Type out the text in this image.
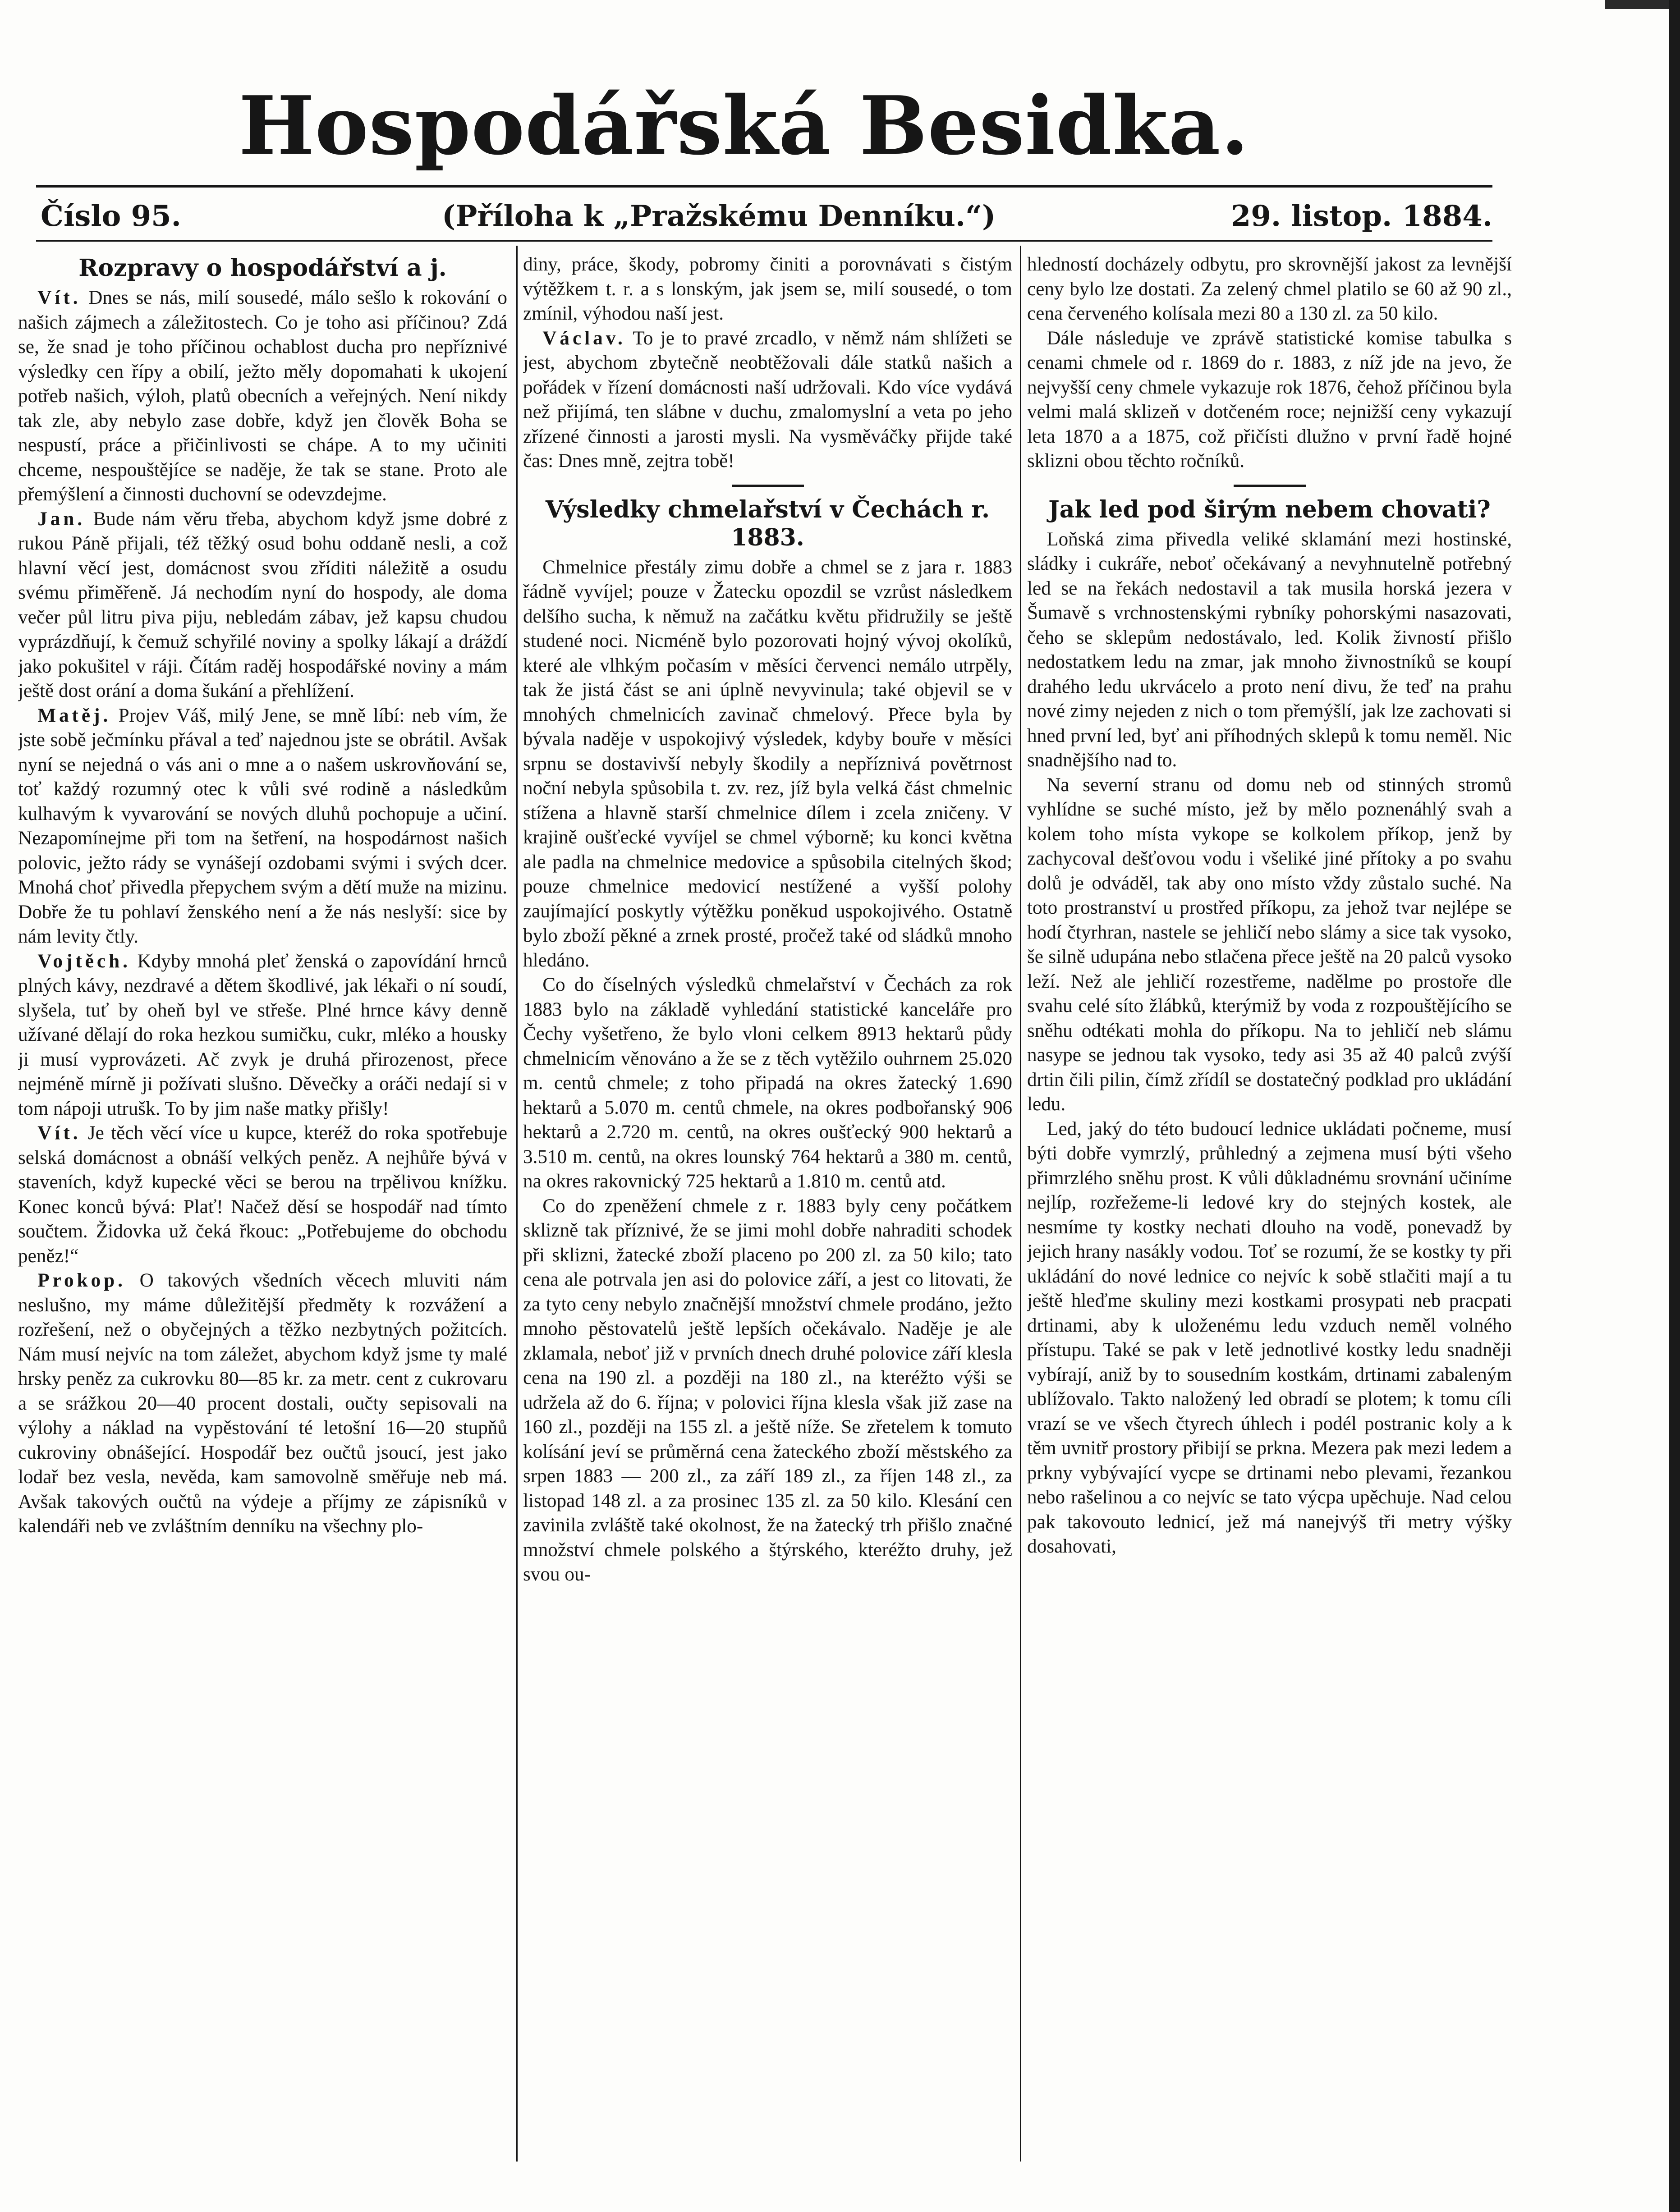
Hospodářská Besidka.
Číslo 95.	(Příloha k „Pražskému Denníku.“)	29. listop. 1884.
Rozpravy o hospodářství a j.

 Vít. Dnes se nás, milí sousedé, málo sešlo k rokování o našich zájmech a záležitostech. Co je toho asi příčinou? Zdá se, že snad je toho příčinou ochablost ducha pro nepříznivé výsledky cen řípy a obilí, ježto měly dopomahati k ukojení potřeb našich, výloh, platů obecních a veřejných. Není nikdy tak zle, aby nebylo zase dobře, když jen člověk Boha se nespustí, práce a přičinlivosti se chápe. A to my učiniti chceme, nespouštějíce se naděje, že tak se stane. Proto ale přemýšlení a činnosti duchovní se odevzdejme.

 Jan. Bude nám věru třeba, abychom když jsme dobré z rukou Páně přijali, též těžký osud bohu oddaně nesli, a což hlavní věcí jest, domácnost svou zříditi náležitě a osudu svému přiměřeně. Já nechodím nyní do hospody, ale doma večer půl litru piva piju, nebledám zábav, jež kapsu chudou vyprázdňují, k čemuž schyřilé noviny a spolky lákají a dráždí jako pokušitel v ráji. Čítám raděj hospodářské noviny a mám ještě dost orání a doma šukání a přehlížení.

 Matěj. Projev Váš, milý Jene, se mně líbí: neb vím, že jste sobě ječmínku přával a teď najednou jste se obrátil. Avšak nyní se nejedná o vás ani o mne a o našem uskrovňování se, toť každý rozumný otec k vůli své rodině a následkům kulhavým k vyvarování se nových dluhů pochopuje a učiní. Nezapomínejme při tom na šetření, na hospodárnost našich polovic, ježto rády se vynášejí ozdobami svými i svých dcer. Mnohá choť přivedla přepychem svým a dětí muže na mizinu. Dobře že tu pohlaví ženského není a že nás neslyší: sice by nám levity čtly.

 Vojtěch. Kdyby mnohá pleť ženská o zapovídání hrnců plných kávy, nezdravé a dětem škodlivé, jak lékaři o ní soudí, slyšela, tuť by oheň byl ve střeše. Plné hrnce kávy denně užívané dělají do roka hezkou sumičku, cukr, mléko a housky ji musí vyprovázeti. Ač zvyk je druhá přirozenost, přece nejméně mírně ji požívati slušno. Děvečky a oráči nedají si v tom nápoji utrušk. To by jim naše matky přišly!

 Vít. Je těch věcí více u kupce, kteréž do roka spotřebuje selská domácnost a obnáší velkých peněz. A nejhůře bývá v staveních, když kupecké věci se berou na trpělivou knížku. Konec konců bývá: Plať! Načež děsí se hospodář nad tímto součtem. Židovka už čeká řkouc: „Potřebujeme do obchodu peněz!“

 Prokop. O takových všedních věcech mluviti nám neslušno, my máme důležitější předměty k rozvážení a rozřešení, než o obyčejných a těžko nezbytných požitcích. Nám musí nejvíc na tom záležet, abychom když jsme ty malé hrsky peněz za cukrovku 80—85 kr. za metr. cent z cukrovaru a se srážkou 20—40 procent dostali, oučty sepisovali na výlohy a náklad na vypěstování té letošní 16—20 stupňů cukroviny obnášející. Hospodář bez oučtů jsoucí, jest jako lodař bez vesla, nevěda, kam samovolně směřuje neb má. Avšak takových oučtů na výdeje a příjmy ze zápisníků v kalendáři neb ve zvláštním denníku na všechny plo-

diny, práce, škody, pobromy činiti a porovnávati s čistým výtěžkem t. r. a s lonským, jak jsem se, milí sousedé, o tom zmínil, výhodou naší jest.

 Václav. To je to pravé zrcadlo, v němž nám shlížeti se jest, abychom zbytečně neobtěžovali dále statků našich a pořádek v řízení domácnosti naší udržovali. Kdo více vydává než přijímá, ten slábne v duchu, zmalomyslní a veta po jeho zřízené činnosti a jarosti mysli. Na vysměváčky přijde také čas: Dnes mně, zejtra tobě!

Výsledky chmelařství v Čechách r. 1883.

 Chmelnice přestály zimu dobře a chmel se z jara r. 1883 řádně vyvíjel; pouze v Žatecku opozdil se vzrůst následkem delšího sucha, k němuž na začátku květu přidružily se ještě studené noci. Nicméně bylo pozorovati hojný vývoj okolíků, které ale vlhkým počasím v měsíci červenci nemálo utrpěly, tak že jistá část se ani úplně nevyvinula; také objevil se v mnohých chmelnicích zavinač chmelový. Přece byla by bývala naděje v uspokojivý výsledek, kdyby bouře v měsíci srpnu se dostavivší nebyly škodily a nepříznivá povětrnost noční nebyla spůsobila t. zv. rez, jíž byla velká část chmelnic stížena a hlavně starší chmelnice dílem i zcela zničeny. V krajině oušťecké vyvíjel se chmel výborně; ku konci května ale padla na chmelnice medovice a spůsobila citelných škod; pouze chmelnice medovicí nestížené a vyšší polohy zaujímající poskytly výtěžku poněkud uspokojivého. Ostatně bylo zboží pěkné a zrnek prosté, pročež také od sládků mnoho hledáno.

 Co do číselných výsledků chmelařství v Čechách za rok 1883 bylo na základě vyhledání statistické kanceláře pro Čechy vyšetřeno, že bylo vloni celkem 8913 hektarů půdy chmelnicím věnováno a že se z těch vytěžilo ouhrnem 25.020 m. centů chmele; z toho připadá na okres žatecký 1.690 hektarů a 5.070 m. centů chmele, na okres podbořanský 906 hektarů a 2.720 m. centů, na okres oušťecký 900 hektarů a 3.510 m. centů, na okres lounský 764 hektarů a 380 m. centů, na okres rakovnický 725 hektarů a 1.810 m. centů atd.

 Co do zpeněžení chmele z r. 1883 byly ceny počátkem sklizně tak příznivé, že se jimi mohl dobře nahraditi schodek při sklizni, žatecké zboží placeno po 200 zl. za 50 kilo; tato cena ale potrvala jen asi do polovice září, a jest co litovati, že za tyto ceny nebylo značnější množství chmele prodáno, ježto mnoho pěstovatelů ještě lepších očekávalo. Naděje je ale zklamala, neboť již v prvních dnech druhé polovice září klesla cena na 190 zl. a později na 180 zl., na kteréžto výši se udržela až do 6. října; v polovici října klesla však již zase na 160 zl., později na 155 zl. a ještě níže. Se zřetelem k tomuto kolísání jeví se průměrná cena žateckého zboží městského za srpen 1883 — 200 zl., za září 189 zl., za říjen 148 zl., za listopad 148 zl. a za prosinec 135 zl. za 50 kilo. Klesání cen zavinila zvláště také okolnost, že na žatecký trh přišlo značné množství chmele polského a štýrského, kteréžto druhy, jež svou ou-

hledností docházely odbytu, pro skrovnější jakost za levnější ceny bylo lze dostati. Za zelený chmel platilo se 60 až 90 zl., cena červeného kolísala mezi 80 a 130 zl. za 50 kilo.

 Dále následuje ve zprávě statistické komise tabulka s cenami chmele od r. 1869 do r. 1883, z níž jde na jevo, že nejvyšší ceny chmele vykazuje rok 1876, čehož příčinou byla velmi malá sklizeň v dotčeném roce; nejnižší ceny vykazují leta 1870 a a 1875, což přičísti dlužno v první řadě hojné sklizni obou těchto ročníků.

Jak led pod širým nebem chovati?

 Loňská zima přivedla veliké sklamání mezi hostinské, sládky i cukráře, neboť očekávaný a nevyhnutelně potřebný led se na řekách nedostavil a tak musila horská jezera v Šumavě s vrchnostenskými rybníky pohorskými nasazovati, čeho se sklepům nedostávalo, led. Kolik živností přišlo nedostatkem ledu na zmar, jak mnoho živnostníků se koupí drahého ledu ukrvácelo a proto není divu, že teď na prahu nové zimy nejeden z nich o tom přemýšlí, jak lze zachovati si hned první led, byť ani příhodných sklepů k tomu neměl. Nic snadnějšího nad to.

 Na severní stranu od domu neb od stinných stromů vyhlídne se suché místo, jež by mělo poznenáhlý svah a kolem toho místa vykope se kolkolem příkop, jenž by zachycoval dešťovou vodu i všeliké jiné přítoky a po svahu dolů je odváděl, tak aby ono místo vždy zůstalo suché. Na toto prostranství u prostřed příkopu, za jehož tvar nejlépe se hodí čtyrhran, nastele se jehličí nebo slámy a sice tak vysoko, še silně udupána nebo stlačena přece ještě na 20 palců vysoko leží. Než ale jehličí rozestřeme, nadělme po prostoře dle svahu celé síto žlábků, kterýmiž by voda z rozpouštějícího se sněhu odtékati mohla do příkopu. Na to jehličí neb slámu nasype se jednou tak vysoko, tedy asi 35 až 40 palců zvýší drtin čili pilin, čímž zřídíl se dostatečný podklad pro ukládání ledu.

 Led, jaký do této budoucí lednice ukládati počneme, musí býti dobře vymrzlý, průhledný a zejmena musí býti všeho přimrzlého sněhu prost. K vůli důkladnému srovnání učiníme nejlíp, rozřežeme-li ledové kry do stejných kostek, ale nesmíme ty kostky nechati dlouho na vodě, ponevadž by jejich hrany nasákly vodou. Toť se rozumí, že se kostky ty při ukládání do nové lednice co nejvíc k sobě stlačiti mají a tu ještě hleďme skuliny mezi kostkami prosypati neb pracpati drtinami, aby k uloženému ledu vzduch neměl volného přístupu. Také se pak v letě jednotlivé kostky ledu snadněji vybírají, aniž by to sousedním kostkám, drtinami zabaleným ublížovalo. Takto naložený led obradí se plotem; k tomu cíli vrazí se ve všech čtyrech úhlech i podél postranic koly a k těm uvnitř prostory přibijí se prkna. Mezera pak mezi ledem a prkny vybývající vycpe se drtinami nebo plevami, řezankou nebo rašelinou a co nejvíc se tato výcpa upěchuje. Nad celou pak takovouto lednicí, jež má nanejvýš tři metry výšky dosahovati,
